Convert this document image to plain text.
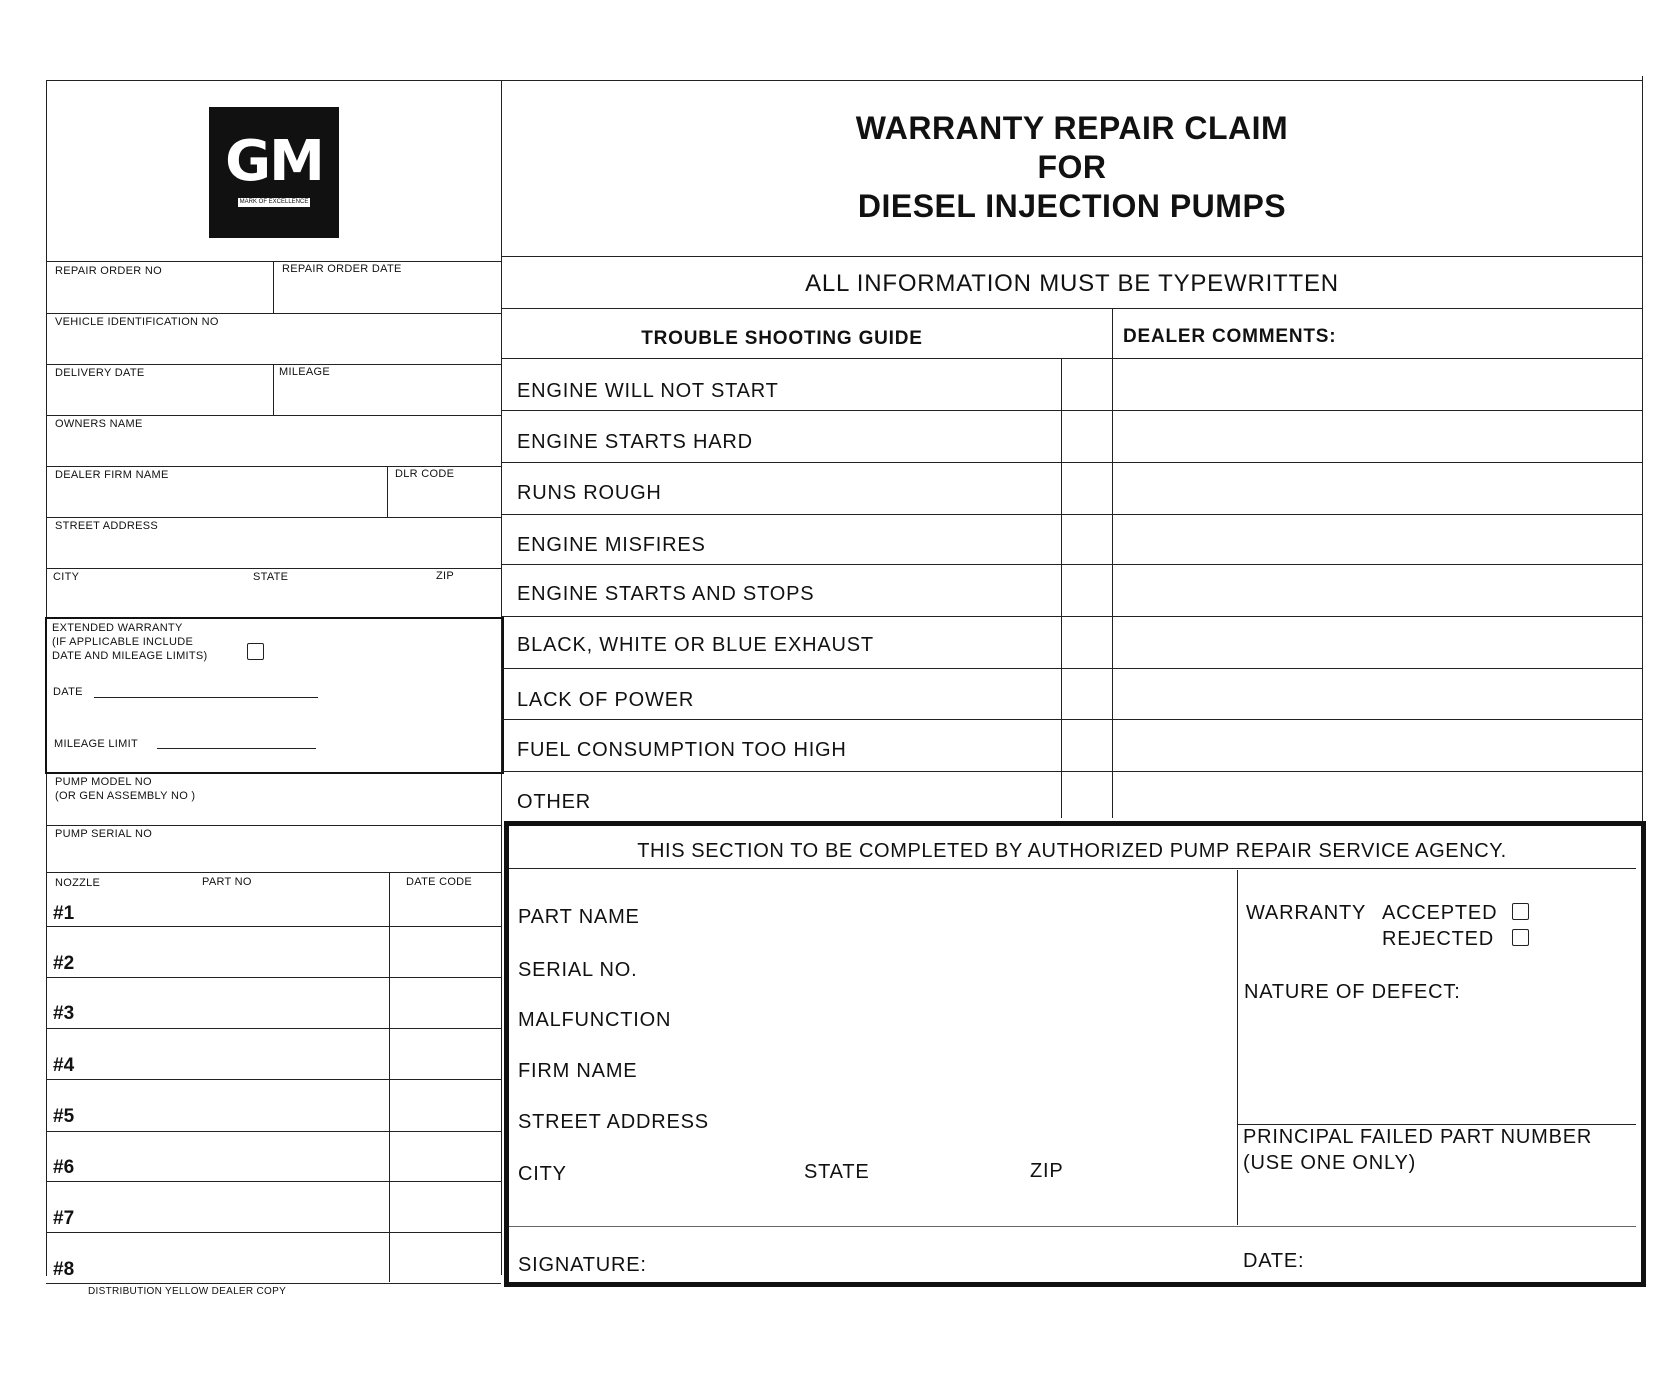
GM
MARK OF EXCELLENCE
WARRANTY REPAIR CLAIM
FOR
DIESEL INJECTION PUMPS
ALL INFORMATION MUST BE TYPEWRITTEN
REPAIR ORDER NO	REPAIR ORDER DATE
VEHICLE IDENTIFICATION NO
DELIVERY DATE	MILEAGE
OWNERS NAME
DEALER FIRM NAME	DLR CODE
STREET ADDRESS
CITY	STATE	ZIP
EXTENDED WARRANTY
(IF APPLICABLE INCLUDE
DATE AND MILEAGE LIMITS)
DATE
MILEAGE LIMIT
PUMP MODEL NO
(OR GEN ASSEMBLY NO )
PUMP SERIAL NO
NOZZLE	PART NO	DATE CODE
#1
#2
#3
#4
#5
#6
#7
#8
DISTRIBUTION YELLOW DEALER COPY
TROUBLE SHOOTING GUIDE	DEALER COMMENTS:
ENGINE WILL NOT START
ENGINE STARTS HARD
RUNS ROUGH
ENGINE MISFIRES
ENGINE STARTS AND STOPS
BLACK, WHITE OR BLUE EXHAUST
LACK OF POWER
FUEL CONSUMPTION TOO HIGH
OTHER
THIS SECTION TO BE COMPLETED BY AUTHORIZED PUMP REPAIR SERVICE AGENCY.
PART NAME
SERIAL NO.
MALFUNCTION
FIRM NAME
STREET ADDRESS
CITY	STATE	ZIP
WARRANTY ACCEPTED
REJECTED
NATURE OF DEFECT:
PRINCIPAL FAILED PART NUMBER
(USE ONE ONLY)
SIGNATURE:	DATE:
